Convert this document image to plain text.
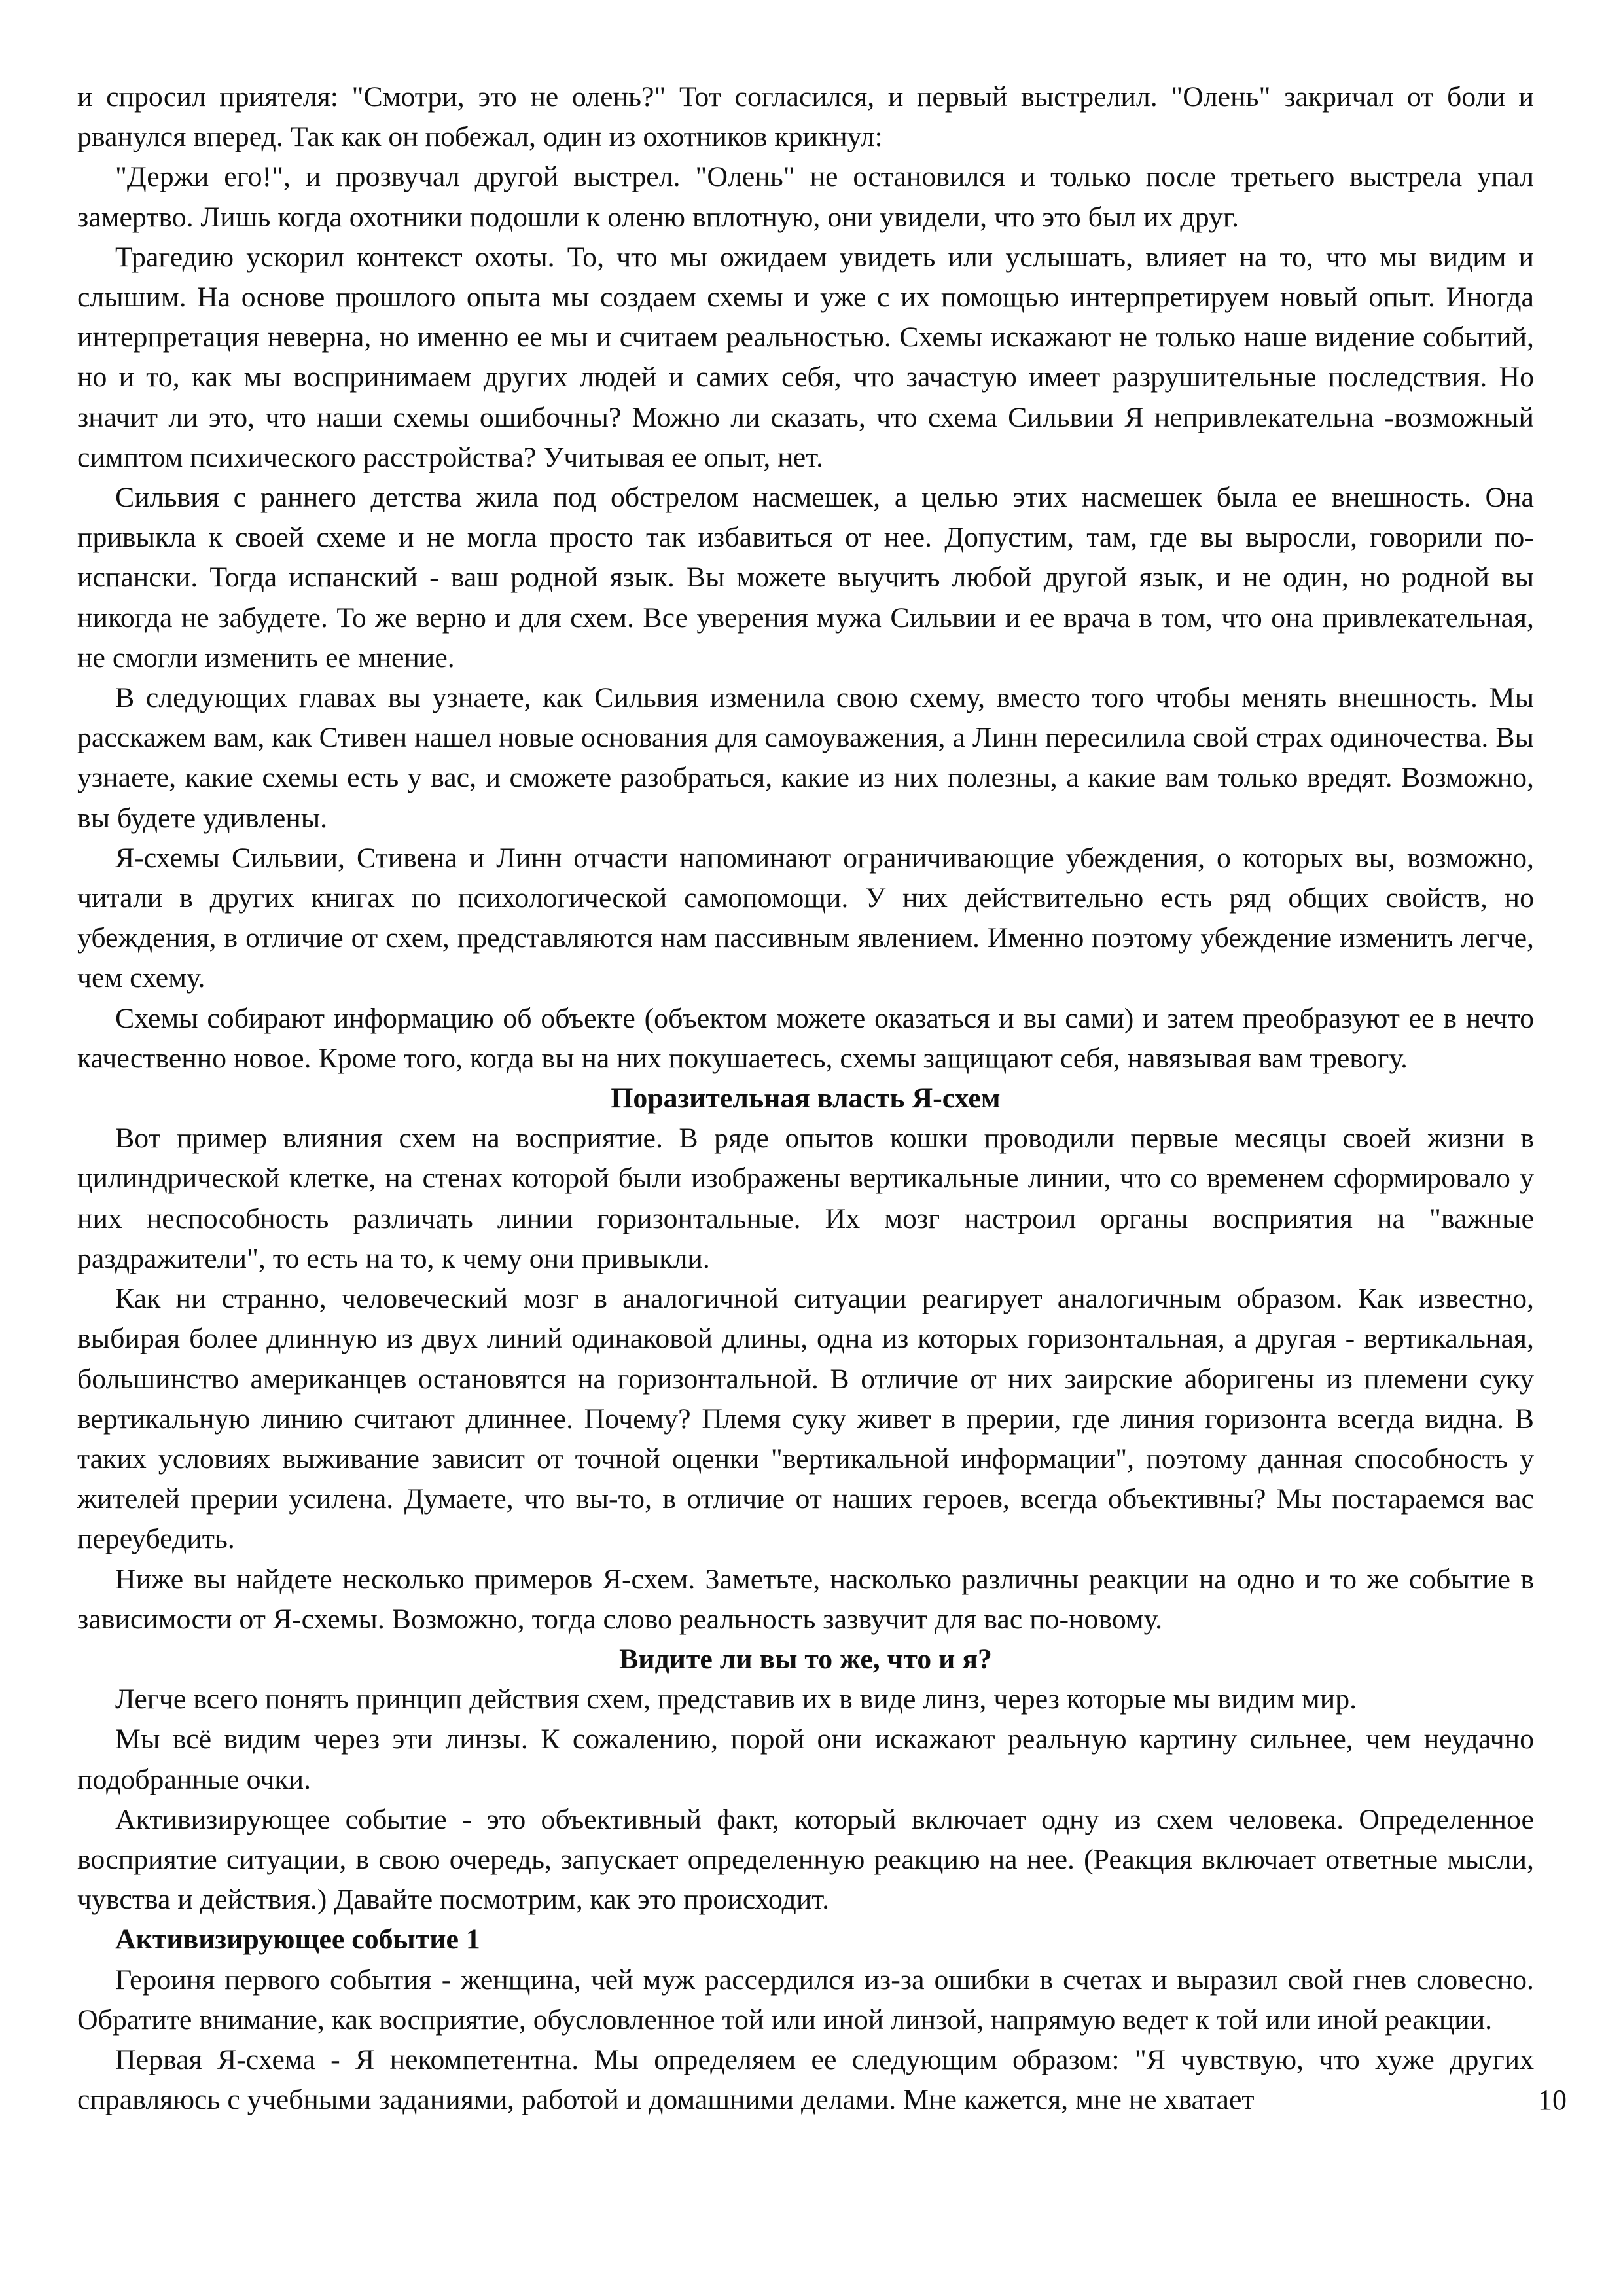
и спросил приятеля: "Смотри, это не олень?" Тот согласился, и первый выстрелил. "Олень" закричал от боли и рванулся вперед. Так как он побежал, один из охотников крикнул:

"Держи его!", и прозвучал другой выстрел. "Олень" не остановился и только после третьего выстрела упал замертво. Лишь когда охотники подошли к оленю вплотную, они увидели, что это был их друг.

Трагедию ускорил контекст охоты. То, что мы ожидаем увидеть или услышать, влияет на то, что мы видим и слышим. На основе прошлого опыта мы создаем схемы и уже с их помощью интерпретируем новый опыт. Иногда интерпретация неверна, но именно ее мы и считаем реальностью. Схемы искажают не только наше видение событий, но и то, как мы воспринимаем других людей и самих себя, что зачастую имеет разрушительные последствия. Но значит ли это, что наши схемы ошибочны? Можно ли сказать, что схема Сильвии Я непривлекательна -возможный симптом психического расстройства? Учитывая ее опыт, нет.

Сильвия с раннего детства жила под обстрелом насмешек, а целью этих насмешек была ее внешность. Она привыкла к своей схеме и не могла просто так избавиться от нее. Допустим, там, где вы выросли, говорили по-испански. Тогда испанский - ваш родной язык. Вы можете выучить любой другой язык, и не один, но родной вы никогда не забудете. То же верно и для схем. Все уверения мужа Сильвии и ее врача в том, что она привлекательная, не смогли изменить ее мнение.

В следующих главах вы узнаете, как Сильвия изменила свою схему, вместо того чтобы менять внешность. Мы расскажем вам, как Стивен нашел новые основания для самоуважения, а Линн пересилила свой страх одиночества. Вы узнаете, какие схемы есть у вас, и сможете разобраться, какие из них полезны, а какие вам только вредят. Возможно, вы будете удивлены.

Я-схемы Сильвии, Стивена и Линн отчасти напоминают ограничивающие убеждения, о которых вы, возможно, читали в других книгах по психологической самопомощи. У них действительно есть ряд общих свойств, но убеждения, в отличие от схем, представляются нам пассивным явлением. Именно поэтому убеждение изменить легче, чем схему.

Схемы собирают информацию об объекте (объектом можете оказаться и вы сами) и затем преобразуют ее в нечто качественно новое. Кроме того, когда вы на них покушаетесь, схемы защищают себя, навязывая вам тревогу.

Поразительная власть Я-схем

Вот пример влияния схем на восприятие. В ряде опытов кошки проводили первые месяцы своей жизни в цилиндрической клетке, на стенах которой были изображены вертикальные линии, что со временем сформировало у них неспособность различать линии горизонтальные. Их мозг настроил органы восприятия на "важные раздражители", то есть на то, к чему они привыкли.

Как ни странно, человеческий мозг в аналогичной ситуации реагирует аналогичным образом. Как известно, выбирая более длинную из двух линий одинаковой длины, одна из которых горизонтальная, а другая - вертикальная, большинство американцев остановятся на горизонтальной. В отличие от них заирские аборигены из племени суку вертикальную линию считают длиннее. Почему? Племя суку живет в прерии, где линия горизонта всегда видна. В таких условиях выживание зависит от точной оценки "вертикальной информации", поэтому данная способность у жителей прерии усилена. Думаете, что вы-то, в отличие от наших героев, всегда объективны? Мы постараемся вас переубедить.

Ниже вы найдете несколько примеров Я-схем. Заметьте, насколько различны реакции на одно и то же событие в зависимости от Я-схемы. Возможно, тогда слово реальность зазвучит для вас по-новому.

Видите ли вы то же, что и я?

Легче всего понять принцип действия схем, представив их в виде линз, через которые мы видим мир.

Мы всё видим через эти линзы. К сожалению, порой они искажают реальную картину сильнее, чем неудачно подобранные очки.

Активизирующее событие - это объективный факт, который включает одну из схем человека. Определенное восприятие ситуации, в свою очередь, запускает определенную реакцию на нее. (Реакция включает ответные мысли, чувства и действия.) Давайте посмотрим, как это происходит.

Активизирующее событие 1

Героиня первого события - женщина, чей муж рассердился из-за ошибки в счетах и выразил свой гнев словесно. Обратите внимание, как восприятие, обусловленное той или иной линзой, напрямую ведет к той или иной реакции.

Первая Я-схема - Я некомпетентна. Мы определяем ее следующим образом: "Я чувствую, что хуже других справляюсь с учебными заданиями, работой и домашними делами. Мне кажется, мне не хватает	10
